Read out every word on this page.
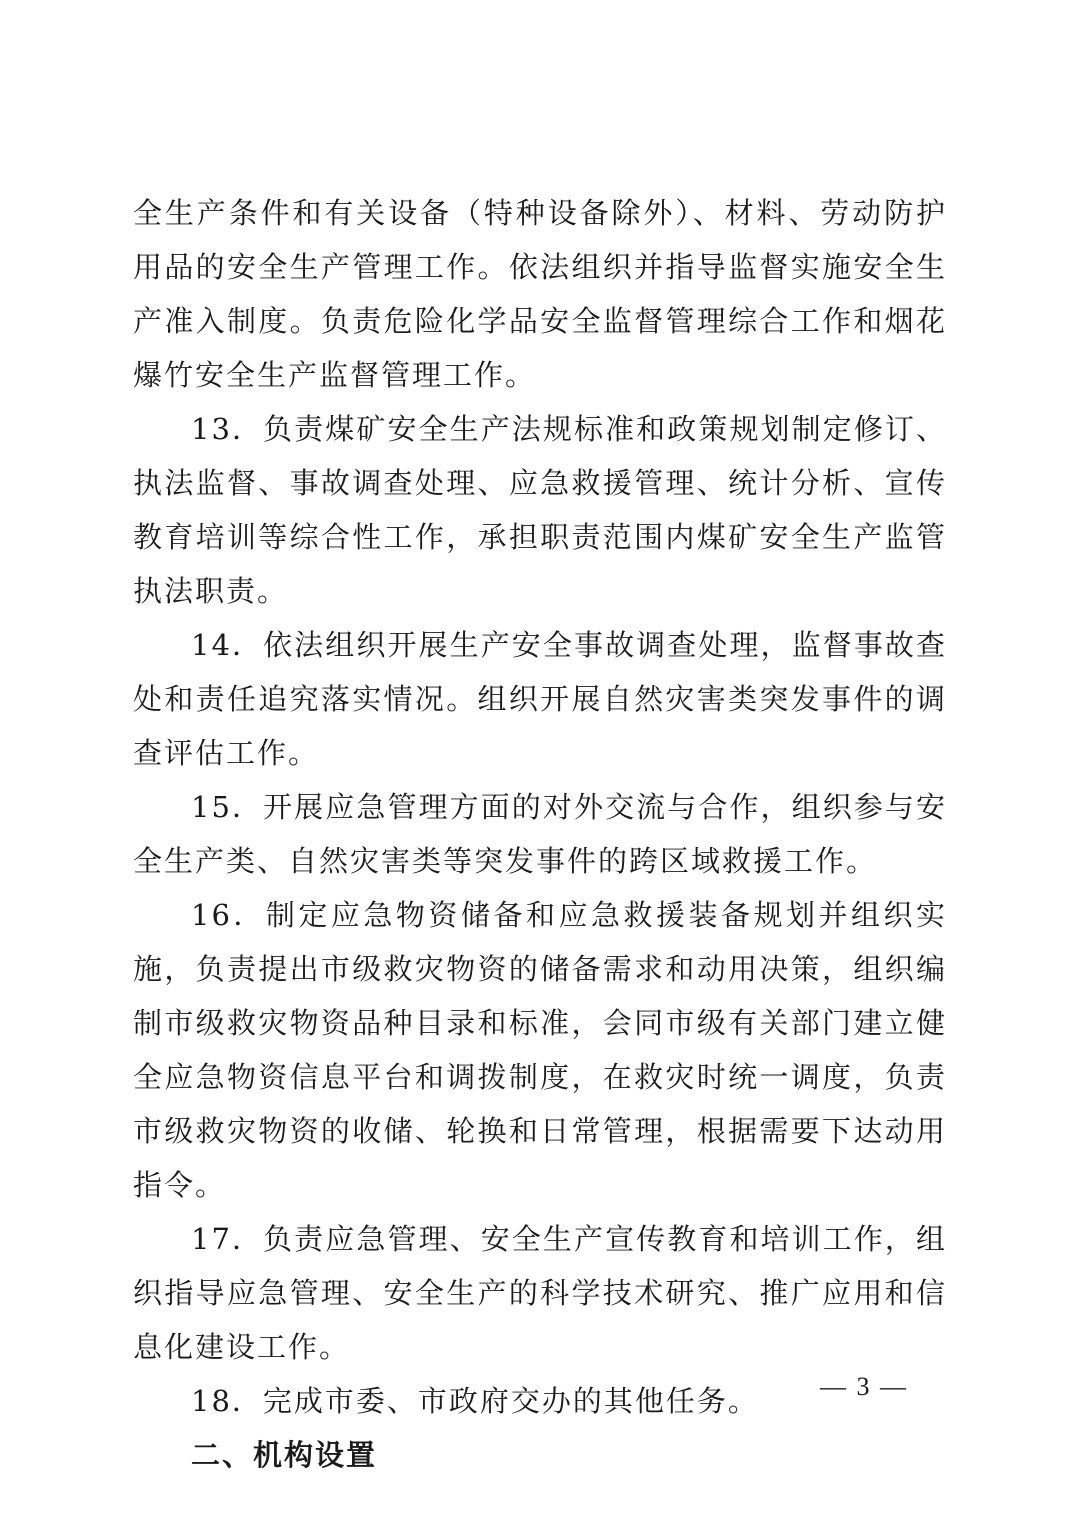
全生产条件和有关设备（特种设备除外）、材料、劳动防护用品的安全生产管理工作。依法组织并指导监督实施安全生产准入制度。负责危险化学品安全监督管理综合工作和烟花爆竹安全生产监督管理工作。

13．负责煤矿安全生产法规标准和政策规划制定修订、执法监督、事故调查处理、应急救援管理、统计分析、宣传教育培训等综合性工作，承担职责范围内煤矿安全生产监管执法职责。

14．依法组织开展生产安全事故调查处理，监督事故查处和责任追究落实情况。组织开展自然灾害类突发事件的调查评估工作。

15．开展应急管理方面的对外交流与合作，组织参与安全生产类、自然灾害类等突发事件的跨区域救援工作。

16．制定应急物资储备和应急救援装备规划并组织实施，负责提出市级救灾物资的储备需求和动用决策，组织编制市级救灾物资品种目录和标准，会同市级有关部门建立健全应急物资信息平台和调拨制度，在救灾时统一调度，负责市级救灾物资的收储、轮换和日常管理，根据需要下达动用指令。

17．负责应急管理、安全生产宣传教育和培训工作，组织指导应急管理、安全生产的科学技术研究、推广应用和信息化建设工作。

18．完成市委、市政府交办的其他任务。

二、机构设置

— 3 —
